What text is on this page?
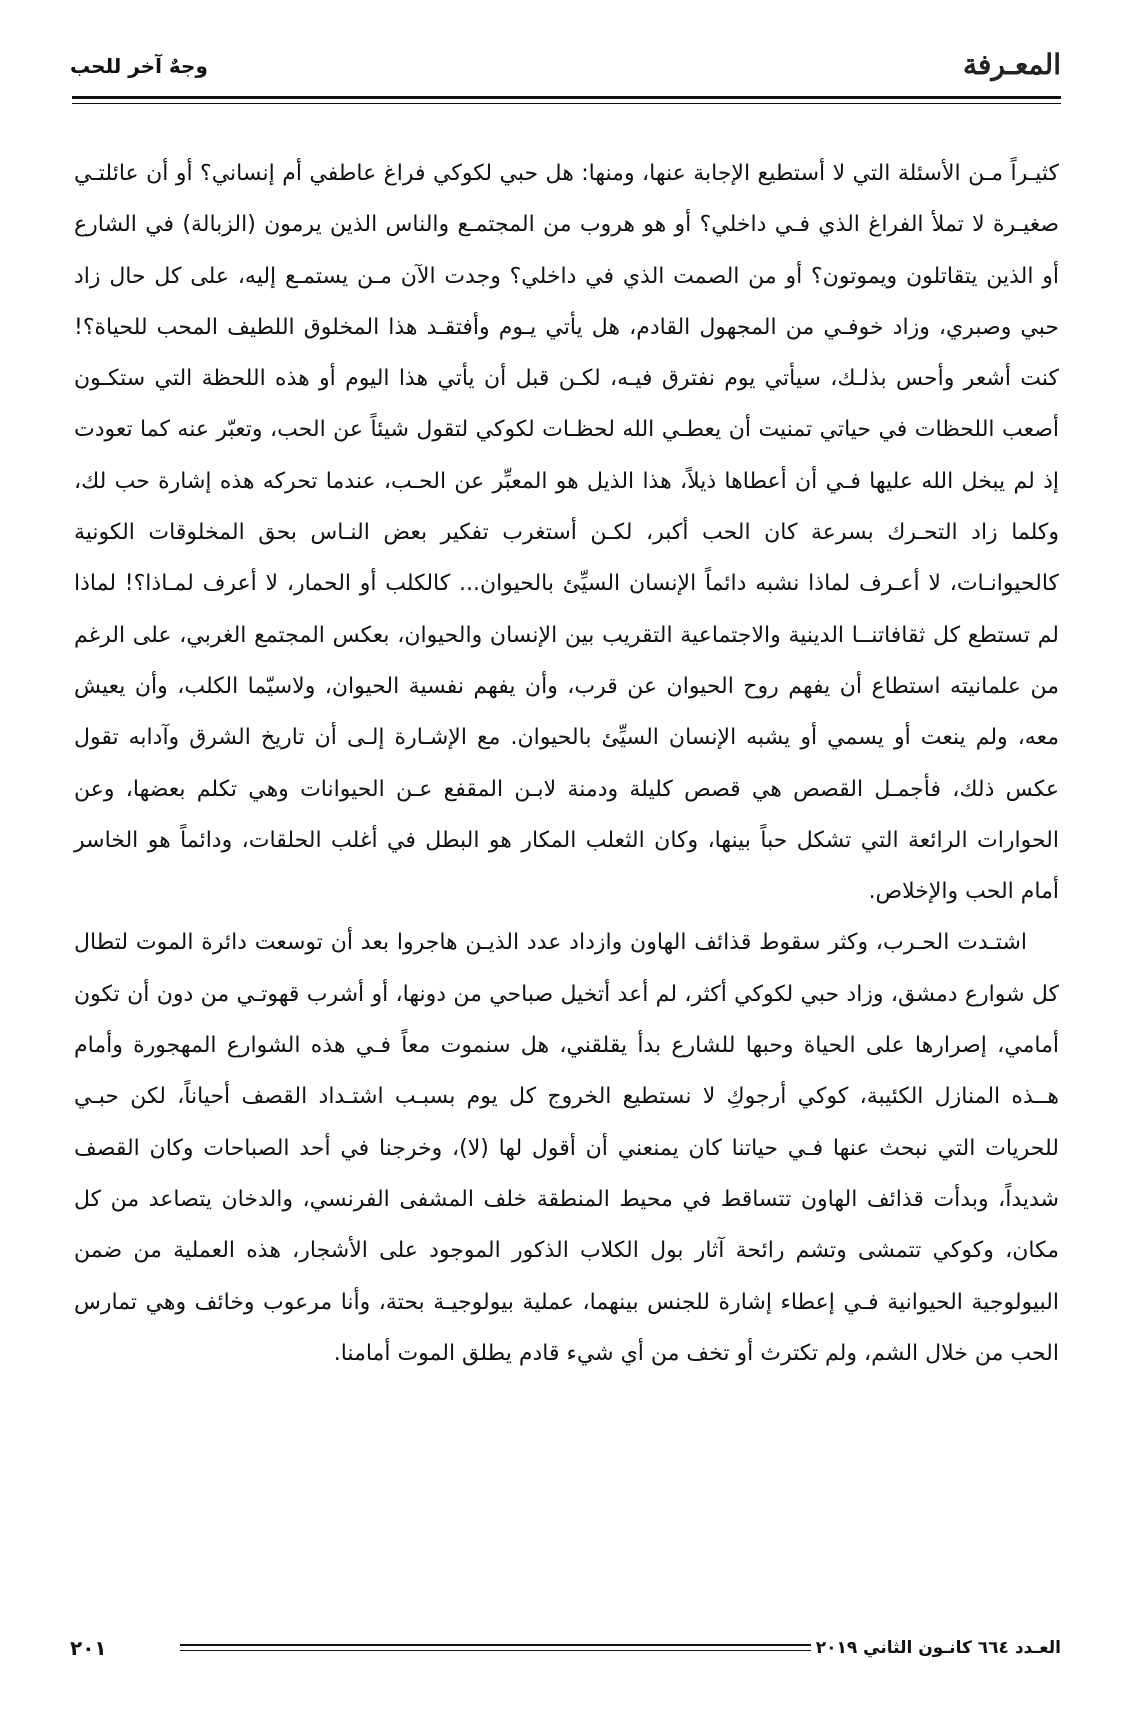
المعـرفة
وجهٌ آخر للحب

كثيـراً مـن الأسئلة التي لا أستطيع الإجابة عنها، ومنها: هل حبي لكوكي فراغ عاطفي أم إنساني؟ أو أن عائلتـي صغيـرة لا تملأ الفراغ الذي فـي داخلي؟ أو هو هروب من المجتمـع والناس الذين يرمون (الزبالة) في الشارع أو الذين يتقاتلون ويموتون؟ أو من الصمت الذي في داخلي؟ وجدت الآن مـن يستمـع إليه، على كل حال زاد حبي وصبري، وزاد خوفـي من المجهول القادم، هل يأتي يـوم وأفتقـد هذا المخلوق اللطيف المحب للحياة؟! كنت أشعر وأحس بذلـك، سيأتي يوم نفترق فيـه، لكـن قبل أن يأتي هذا اليوم أو هذه اللحظة التي ستكـون أصعب اللحظات في حياتي تمنيت أن يعطـي الله لحظـات لكوكي لتقول شيئاً عن الحب، وتعبّر عنه كما تعودت إذ لم يبخل الله عليها فـي أن أعطاها ذيلاً، هذا الذيل هو المعبِّر عن الحـب، عندما تحركه هذه إشارة حب لك، وكلما زاد التحـرك بسرعة كان الحب أكبر، لكـن أستغرب تفكير بعض النـاس بحق المخلوقات الكونية كالحيوانـات، لا أعـرف لماذا نشبه دائماً الإنسان السيِّئ بالحيوان... كالكلب أو الحمار، لا أعرف لمـاذا؟! لماذا لم تستطع كل ثقافاتنــا الدينية والاجتماعية التقريب بين الإنسان والحيوان، بعكس المجتمع الغربي، على الرغم من علمانيته استطاع أن يفهم روح الحيوان عن قرب، وأن يفهم نفسية الحيوان، ولاسيّما الكلب، وأن يعيش معه، ولم ينعت أو يسمي أو يشبه الإنسان السيِّئ بالحيوان. مع الإشـارة إلـى أن تاريخ الشرق وآدابه تقول عكس ذلك، فأجمـل القصص هي قصص كليلة ودمنة لابـن المقفع عـن الحيوانات وهي تكلم بعضها، وعن الحوارات الرائعة التي تشكل حباً بينها، وكان الثعلب المكار هو البطل في أغلب الحلقات، ودائماً هو الخاسر أمام الحب والإخلاص.

اشتـدت الحـرب، وكثر سقوط قذائف الهاون وازداد عدد الذيـن هاجروا بعد أن توسعت دائرة الموت لتطال كل شوارع دمشق، وزاد حبي لكوكي أكثر، لم أعد أتخيل صباحي من دونها، أو أشرب قهوتـي من دون أن تكون أمامي، إصرارها على الحياة وحبها للشارع بدأ يقلقني، هل سنموت معاً فـي هذه الشوارع المهجورة وأمام هــذه المنازل الكئيبة، كوكي أرجوكِ لا نستطيع الخروج كل يوم بسبـب اشتـداد القصف أحياناً، لكن حبـي للحريات التي نبحث عنها فـي حياتنا كان يمنعني أن أقول لها (لا)، وخرجنا في أحد الصباحات وكان القصف شديداً، وبدأت قذائف الهاون تتساقط في محيط المنطقة خلف المشفى الفرنسي، والدخان يتصاعد من كل مكان، وكوكي تتمشى وتشم رائحة آثار بول الكلاب الذكور الموجود على الأشجار، هذه العملية من ضمن البيولوجية الحيوانية فـي إعطاء إشارة للجنس بينهما، عملية بيولوجيـة بحتة، وأنا مرعوب وخائف وهي تمارس الحب من خلال الشم، ولم تكترث أو تخف من أي شيء قادم يطلق الموت أمامنا.

العـدد ٦٦٤ كانـون الثاني ٢٠١٩
٢٠١
